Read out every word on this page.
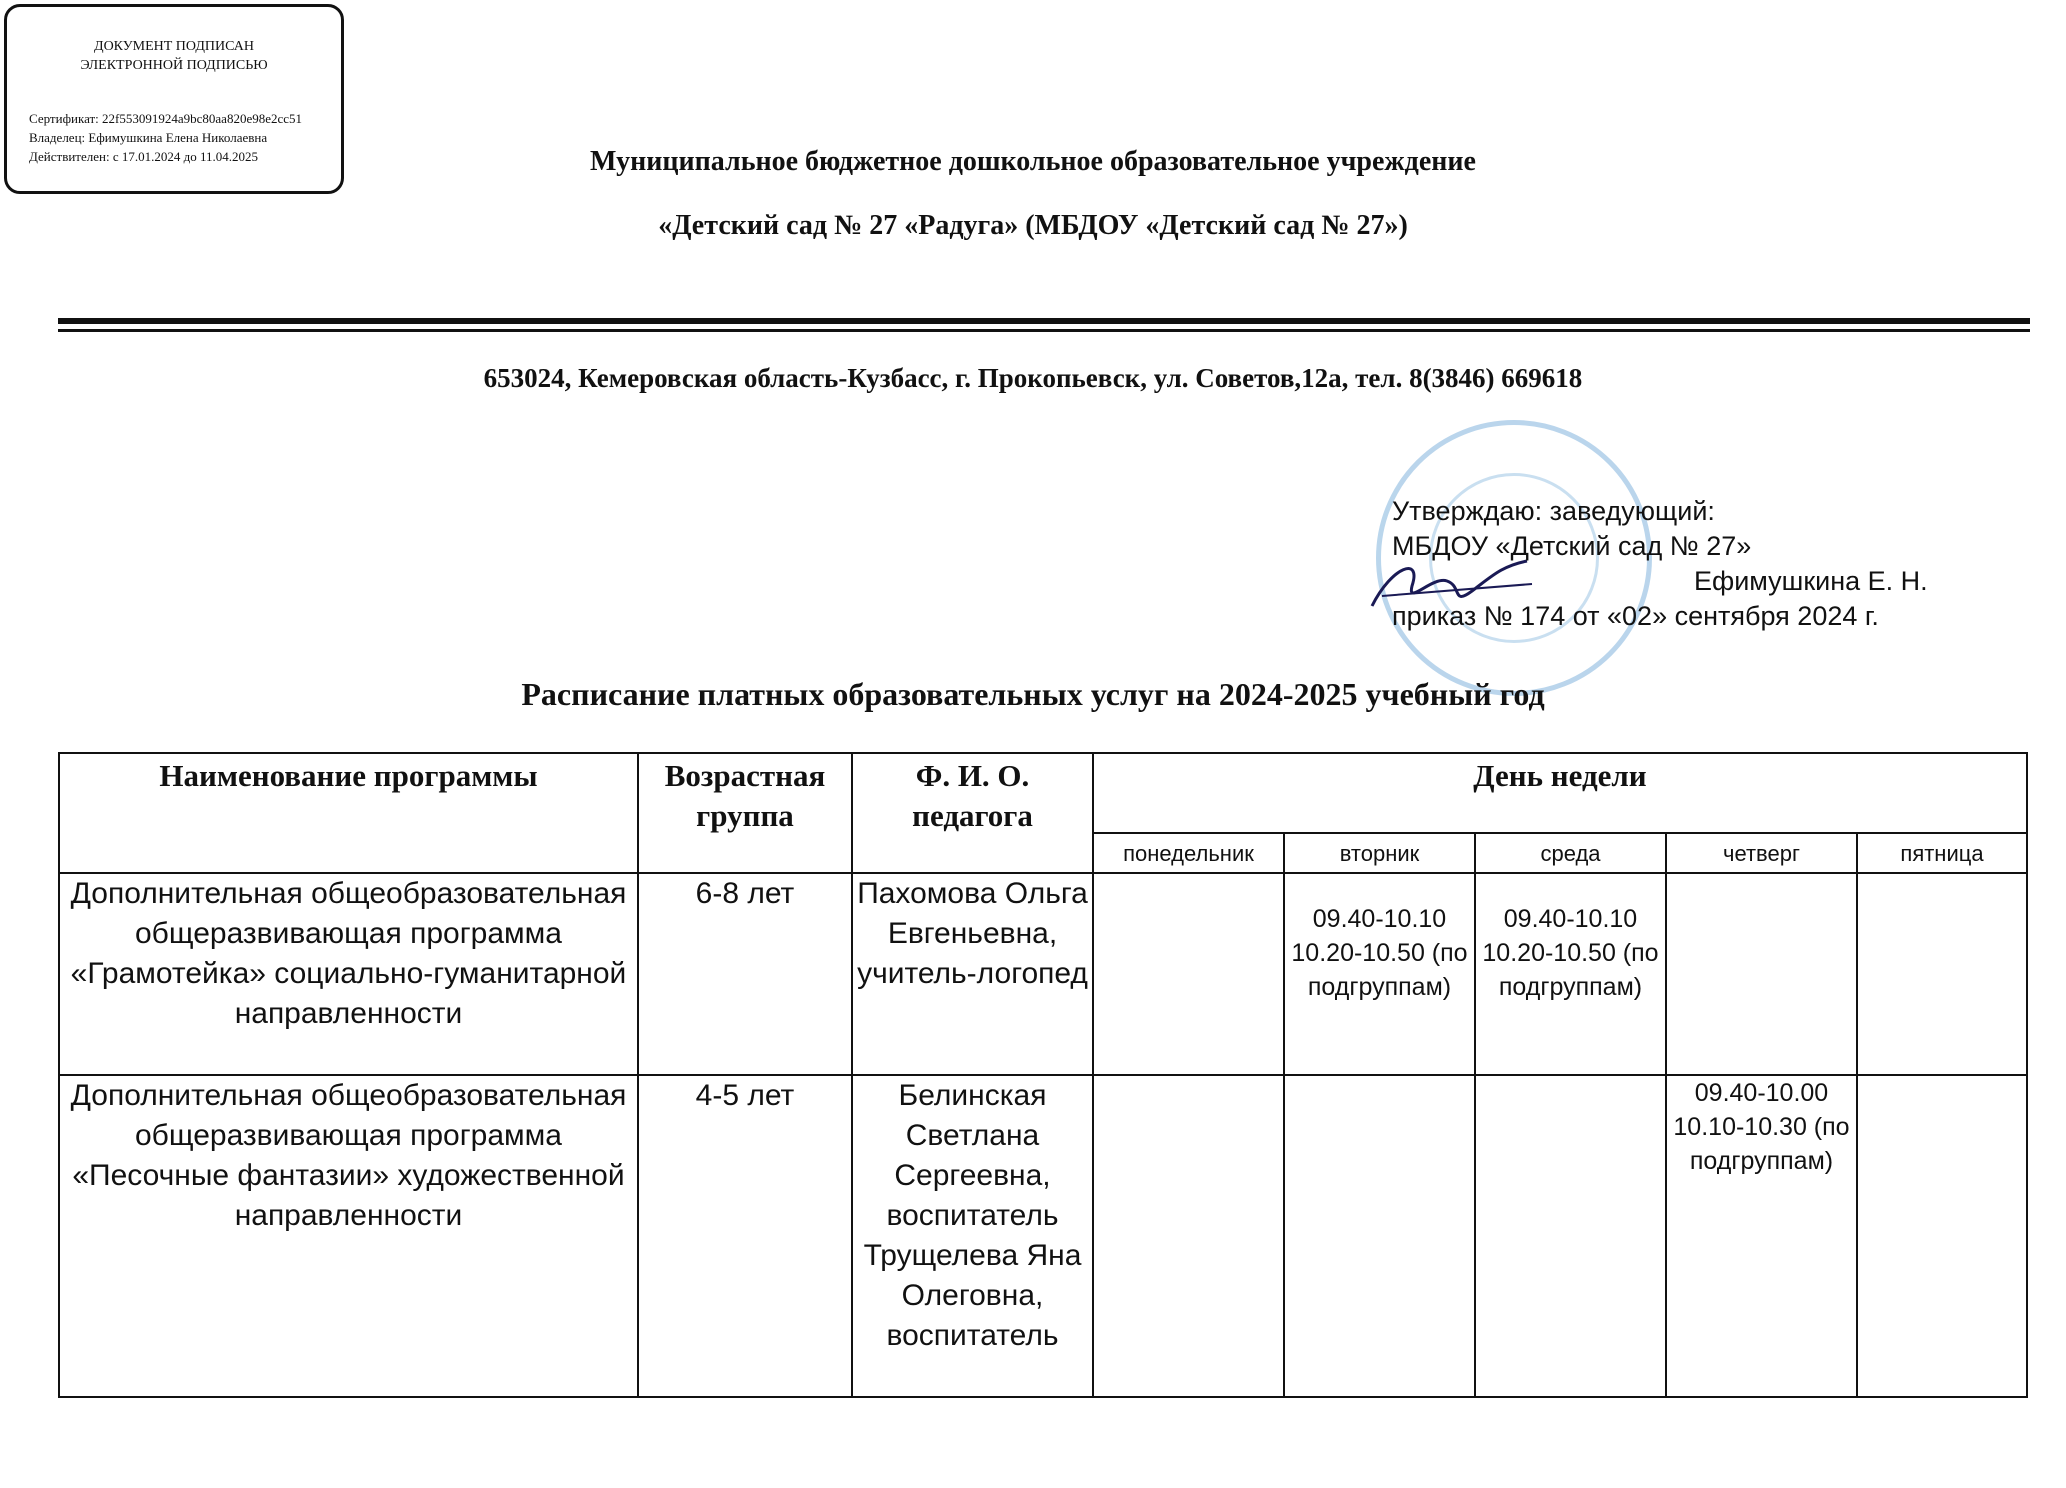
ДОКУМЕНТ ПОДПИСАН
ЭЛЕКТРОННОЙ ПОДПИСЬЮ
Сертификат: 22f553091924a9bc80aa820e98e2cc51
Владелец: Ефимушкина Елена Николаевна
Действителен: с 17.01.2024 до 11.04.2025	Муниципальное бюджетное дошкольное образовательное учреждение
«Детский сад № 27 «Радуга» (МБДОУ «Детский сад № 27»)
653024, Кемеровская область-Кузбасс, г. Прокопьевск, ул. Советов,12а, тел. 8(3846) 669618
Утверждаю: заведующий:
МБДОУ «Детский сад № 27»
Ефимушкина Е. Н.
приказ № 174 от «02» сентября 2024 г.
Расписание платных образовательных услуг на 2024-2025 учебный год
Наименование программы	Возрастная группа	Ф. И. О. педагога	День недели				
			понедельник	вторник	среда	четверг	пятница
Дополнительная общеобразовательная общеразвивающая программа «Грамотейка» социально-гуманитарной направленности	6-8 лет	Пахомова Ольга Евгеньевна, учитель-логопед		09.40-10.10 10.20-10.50 (по подгруппам)	09.40-10.10 10.20-10.50 (по подгруппам)		
Дополнительная общеобразовательная общеразвивающая программа «Песочные фантазии» художественной направленности	4-5 лет	Белинская Светлана Сергеевна, воспитатель Трущелева Яна Олеговна, воспитатель				09.40-10.00 10.10-10.30 (по подгруппам)	
